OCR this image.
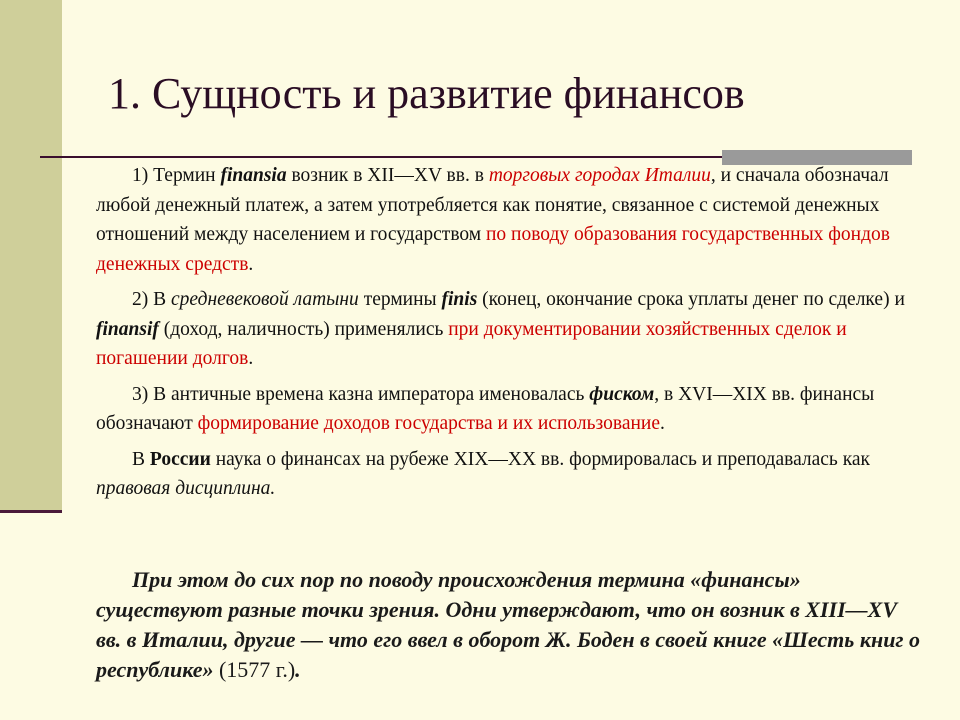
1. Сущность и развитие финансов

1) Термин finansia возник в XII—XV вв. в торговых городах Италии, и сначала обозначал любой денежный платеж, а затем употребляется как понятие, связанное с системой денежных отношений между населением и государством по поводу образования государственных фондов денежных средств.

2) В средневековой латыни термины finis (конец, окончание срока уплаты денег по сделке) и finansif (доход, наличность) применялись при документировании хозяйственных сделок и погашении долгов.

3) В античные времена казна императора именовалась фиском, в XVI—XIX вв. финансы обозначают формирование доходов государства и их использование.

В России наука о финансах на рубеже XIX—XX вв. формировалась и преподавалась как правовая дисциплина.

При этом до сих пор по поводу происхождения термина «финансы» существуют разные точки зрения. Одни утверждают, что он возник в XIII—XV вв. в Италии, другие — что его ввел в оборот Ж. Боден в своей книге «Шесть книг о республике» (1577 г.).
